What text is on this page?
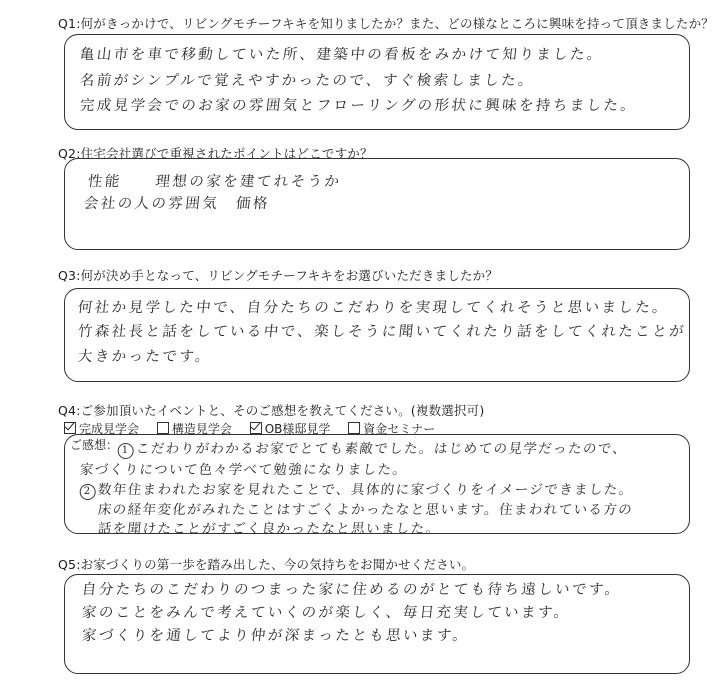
Q1:何がきっかけで、リビングモチーフキキを知りましたか？また、どの様なところに興味を持って頂きましたか？
亀山市を車で移動していた所、建築中の看板をみかけて知りました。
名前がシンプルで覚えやすかったので、すぐ検索しました。
完成見学会でのお家の雰囲気とフローリングの形状に興味を持ちました。
Q2:住宅会社選びで重視されたポイントはどこですか？
性能　　理想の家を建てれそうか
会社の人の雰囲気　価格
Q3:何が決め手となって、リビングモチーフキキをお選びいただきましたか？
何社か見学した中で、自分たちのこだわりを実現してくれそうと思いました。
竹森社長と話をしている中で、楽しそうに聞いてくれたり話をしてくれたことが
大きかったです。
Q4:ご参加頂いたイベントと、そのご感想を教えてください。(複数選択可)
完成見学会	構造見学会	OB様邸見学	資金セミナー
ご感想： 1 こだわりがわかるお家でとても素敵でした。はじめての見学だったので、
家づくりについて色々学べて勉強になりました。
2 数年住まわれたお家を見れたことで、具体的に家づくりをイメージできました。
床の経年変化がみれたことはすごくよかったなと思います。住まわれている方の
話を聞けたことがすごく良かったなと思いました。
Q5:お家づくりの第一歩を踏み出した、今の気持ちをお聞かせください。
自分たちのこだわりのつまった家に住めるのがとても待ち遠しいです。
家のことをみんで考えていくのが楽しく、毎日充実しています。
家づくりを通してより仲が深まったとも思います。
